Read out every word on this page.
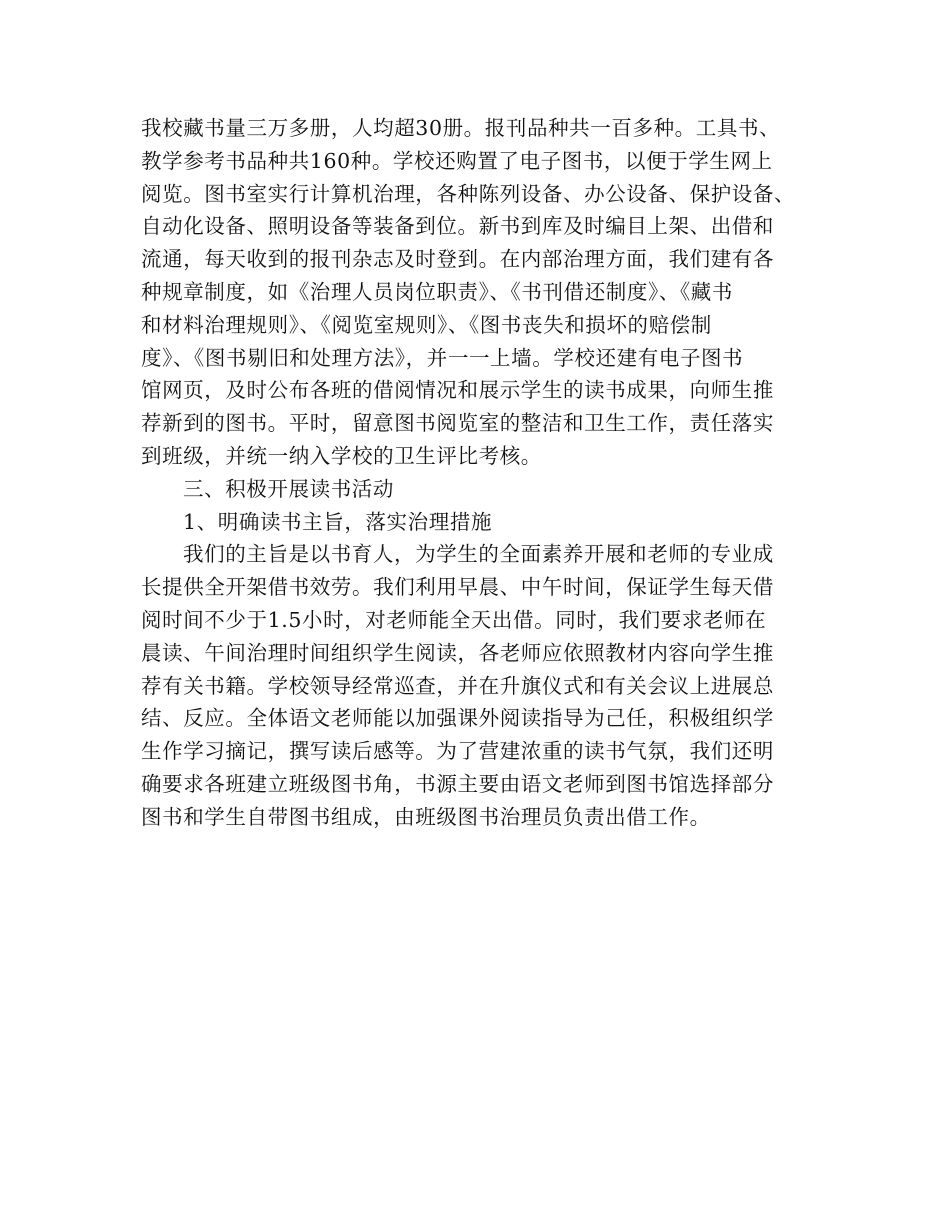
我校藏书量三万多册，人均超30册。报刊品种共一百多种。工具书、
教学参考书品种共160种。学校还购置了电子图书，以便于学生网上
阅览。图书室实行计算机治理，各种陈列设备、办公设备、保护设备、
自动化设备、照明设备等装备到位。新书到库及时编目上架、出借和
流通，每天收到的报刊杂志及时登到。在内部治理方面，我们建有各
种规章制度，如《治理人员岗位职责》、《书刊借还制度》、《藏书
和材料治理规则》、《阅览室规则》、《图书丧失和损坏的赔偿制
度》、《图书剔旧和处理方法》，并一一上墙。学校还建有电子图书
馆网页，及时公布各班的借阅情况和展示学生的读书成果，向师生推
荐新到的图书。平时，留意图书阅览室的整洁和卫生工作，责任落实
到班级，并统一纳入学校的卫生评比考核。
三、积极开展读书活动
1、明确读书主旨，落实治理措施
我们的主旨是以书育人，为学生的全面素养开展和老师的专业成
长提供全开架借书效劳。我们利用早晨、中午时间，保证学生每天借
阅时间不少于1.5小时，对老师能全天出借。同时，我们要求老师在
晨读、午间治理时间组织学生阅读，各老师应依照教材内容向学生推
荐有关书籍。学校领导经常巡查，并在升旗仪式和有关会议上进展总
结、反应。全体语文老师能以加强课外阅读指导为己任，积极组织学
生作学习摘记，撰写读后感等。为了营建浓重的读书气氛，我们还明
确要求各班建立班级图书角，书源主要由语文老师到图书馆选择部分
图书和学生自带图书组成，由班级图书治理员负责出借工作。
